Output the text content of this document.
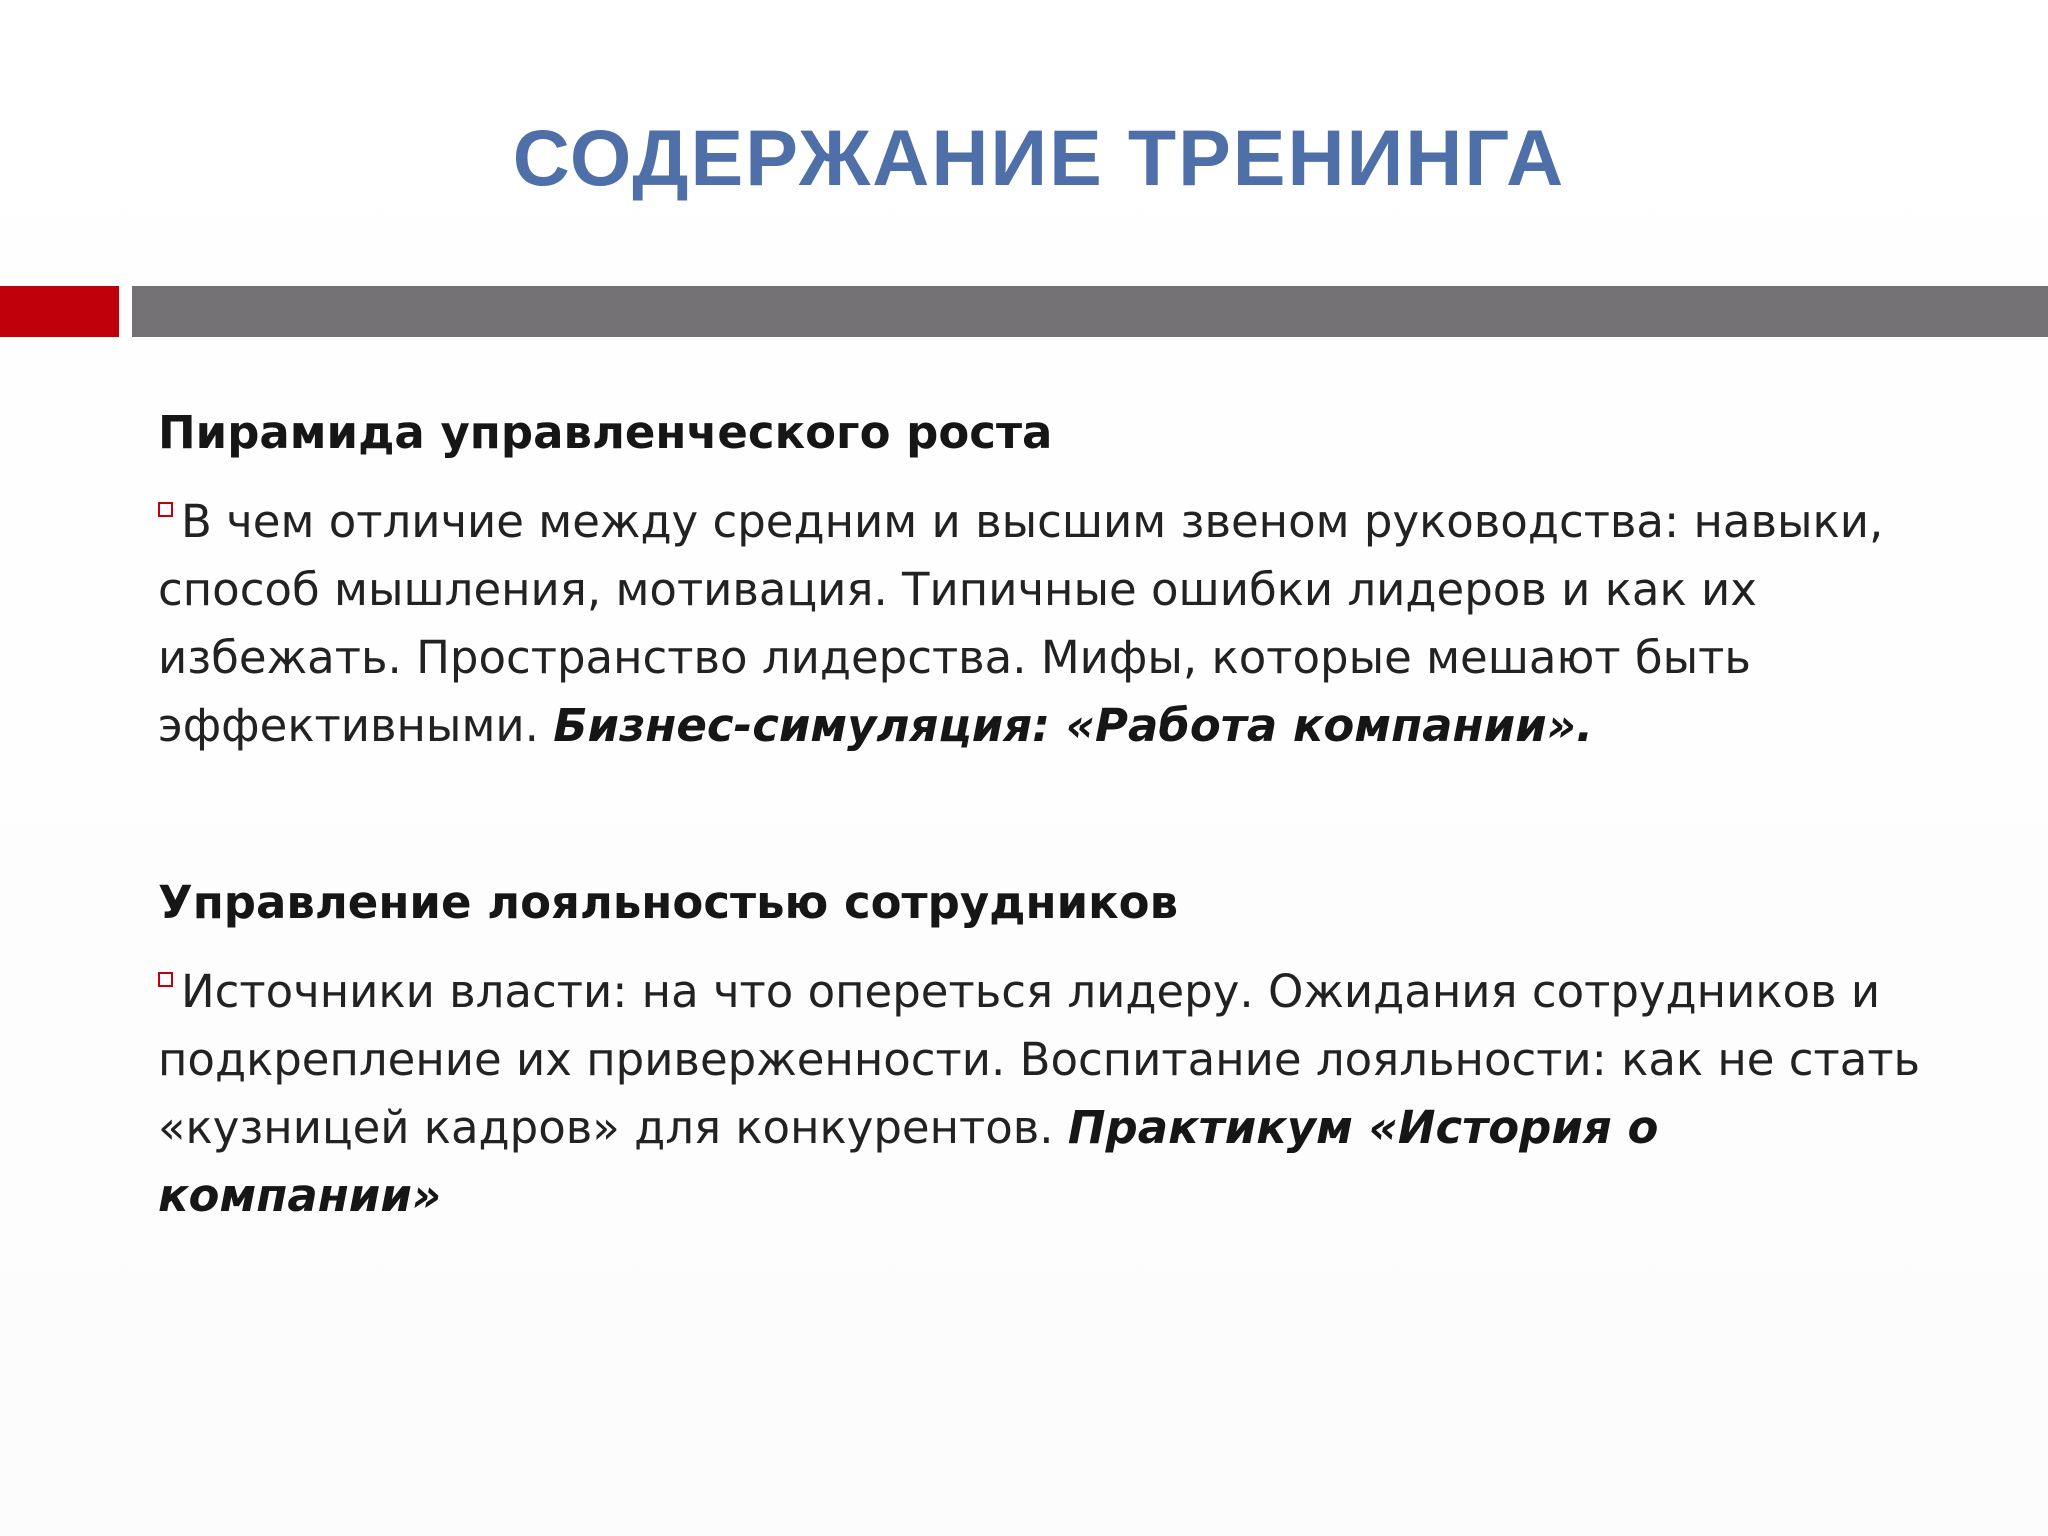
СОДЕРЖАНИЕ ТРЕНИНГА
Пирамида управленческого роста
В чем отличие между средним и высшим звеном руководства: навыки,
способ мышления, мотивация. Типичные ошибки лидеров и как их
избежать. Пространство лидерства. Мифы, которые мешают быть
эффективными. Бизнес-симуляция: «Работа компании».
Управление лояльностью сотрудников
Источники власти: на что опереться лидеру. Ожидания сотрудников и
подкрепление их приверженности. Воспитание лояльности: как не стать
«кузницей кадров» для конкурентов. Практикум «История о
компании»
